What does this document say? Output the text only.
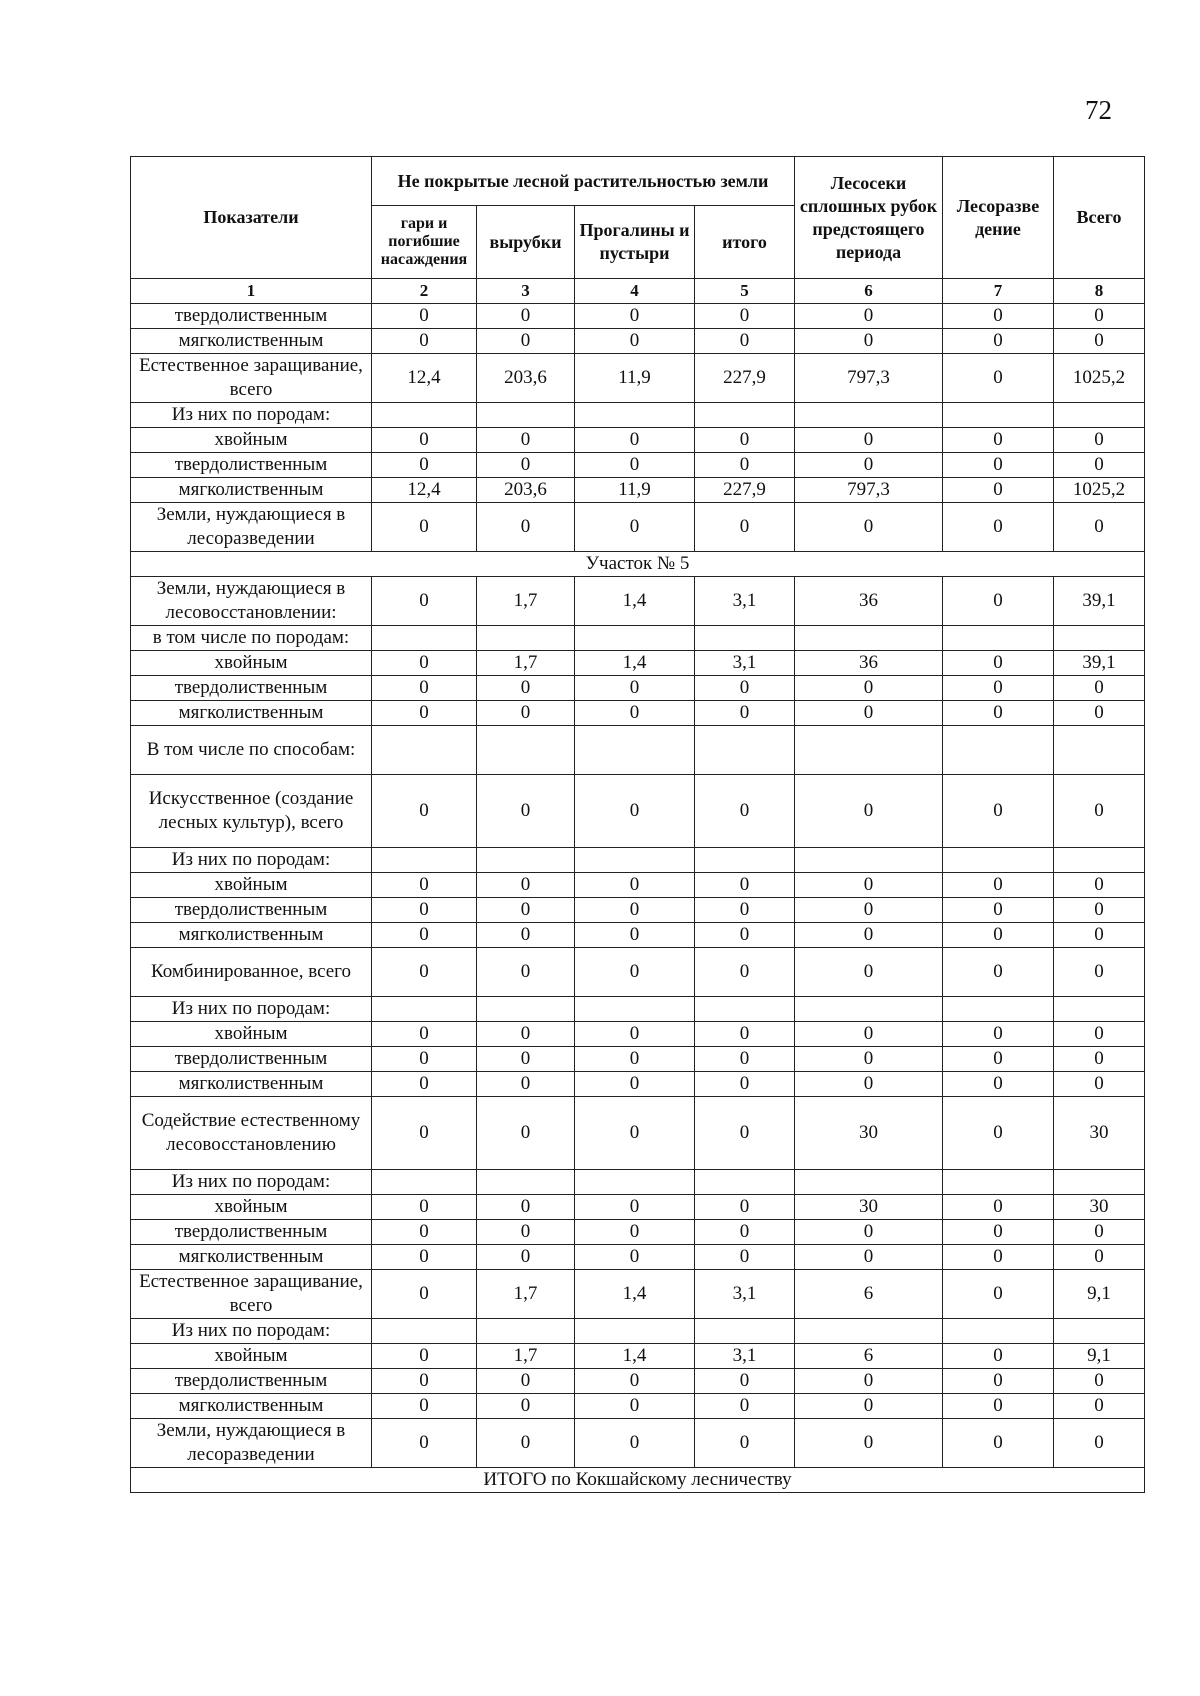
72
Показатели	Не покрытые лесной растительностью земли				Лесосеки сплошных рубок предстоящего периода	Лесоразве дение	Всего
	гари и погибшие насаждения	вырубки	Прогалины и пустыри	итого			
1	2	3	4	5	6	7	8
твердолиственным	0	0	0	0	0	0	0
мягколиственным	0	0	0	0	0	0	0
Естественное заращивание, всего	12,4	203,6	11,9	227,9	797,3	0	1025,2
Из них по породам:							
хвойным	0	0	0	0	0	0	0
твердолиственным	0	0	0	0	0	0	0
мягколиственным	12,4	203,6	11,9	227,9	797,3	0	1025,2
Земли, нуждающиеся в лесоразведении	0	0	0	0	0	0	0
Участок № 5							
Земли, нуждающиеся в лесовосстановлении:	0	1,7	1,4	3,1	36	0	39,1
в том числе по породам:							
хвойным	0	1,7	1,4	3,1	36	0	39,1
твердолиственным	0	0	0	0	0	0	0
мягколиственным	0	0	0	0	0	0	0
В том числе по способам:							
Искусственное (создание лесных культур), всего	0	0	0	0	0	0	0
Из них по породам:							
хвойным	0	0	0	0	0	0	0
твердолиственным	0	0	0	0	0	0	0
мягколиственным	0	0	0	0	0	0	0
Комбинированное, всего	0	0	0	0	0	0	0
Из них по породам:							
хвойным	0	0	0	0	0	0	0
твердолиственным	0	0	0	0	0	0	0
мягколиственным	0	0	0	0	0	0	0
Содействие естественному лесовосстановлению	0	0	0	0	30	0	30
Из них по породам:							
хвойным	0	0	0	0	30	0	30
твердолиственным	0	0	0	0	0	0	0
мягколиственным	0	0	0	0	0	0	0
Естественное заращивание, всего	0	1,7	1,4	3,1	6	0	9,1
Из них по породам:							
хвойным	0	1,7	1,4	3,1	6	0	9,1
твердолиственным	0	0	0	0	0	0	0
мягколиственным	0	0	0	0	0	0	0
Земли, нуждающиеся в лесоразведении	0	0	0	0	0	0	0
ИТОГО по Кокшайскому лесничеству							
